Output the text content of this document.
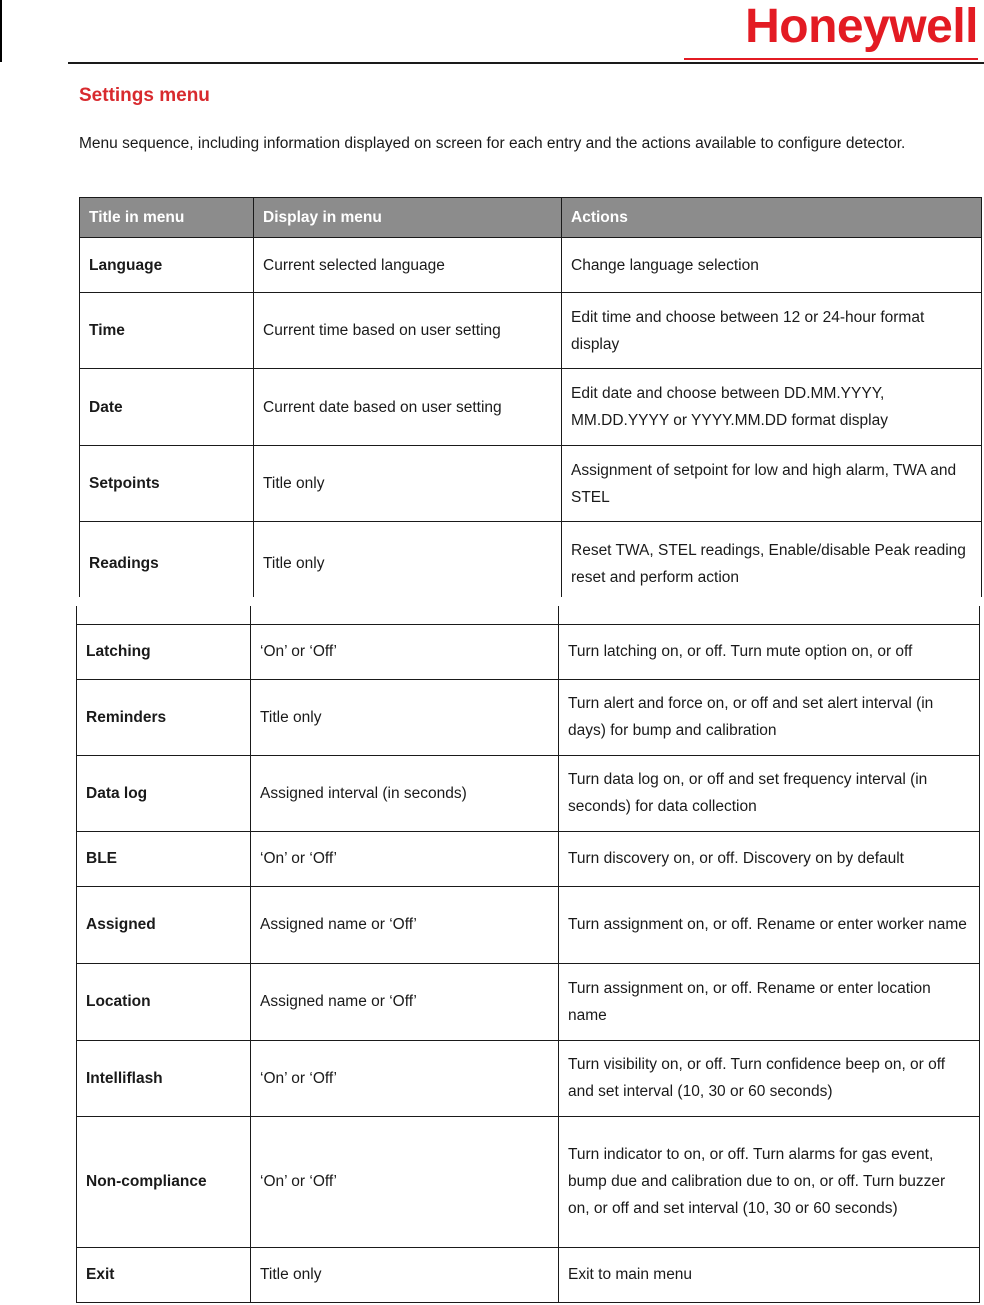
Honeywell
Settings menu
Menu sequence, including information displayed on screen for each entry and the actions available to configure detector.
Title in menu	Display in menu	Actions
Language	Current selected language	Change language selection
Time	Current time based on user setting	Edit time and choose between 12 or 24-hour format display
Date	Current date based on user setting	Edit date and choose between DD.MM.YYYY, MM.DD.YYYY or YYYY.MM.DD format display
Setpoints	Title only	Assignment of setpoint for low and high alarm, TWA and STEL
Readings	Title only	Reset TWA, STEL readings, Enable/disable Peak reading reset and perform action

Latching	‘On’ or ‘Off’	Turn latching on, or off. Turn mute option on, or off
Reminders	Title only	Turn alert and force on, or off and set alert interval (in days) for bump and calibration
Data log	Assigned interval (in seconds)	Turn data log on, or off and set frequency interval (in seconds) for data collection
BLE	‘On’ or ‘Off’	Turn discovery on, or off. Discovery on by default
Assigned	Assigned name or ‘Off’	Turn assignment on, or off. Rename or enter worker name
Location	Assigned name or ‘Off’	Turn assignment on, or off. Rename or enter location name
Intelliflash	‘On’ or ‘Off’	Turn visibility on, or off. Turn confidence beep on, or off and set interval (10, 30 or 60 seconds)
Non-compliance	‘On’ or ‘Off’	Turn indicator to on, or off. Turn alarms for gas event, bump due and calibration due to on, or off. Turn buzzer on, or off and set interval (10, 30 or 60 seconds)
Exit	Title only	Exit to main menu
